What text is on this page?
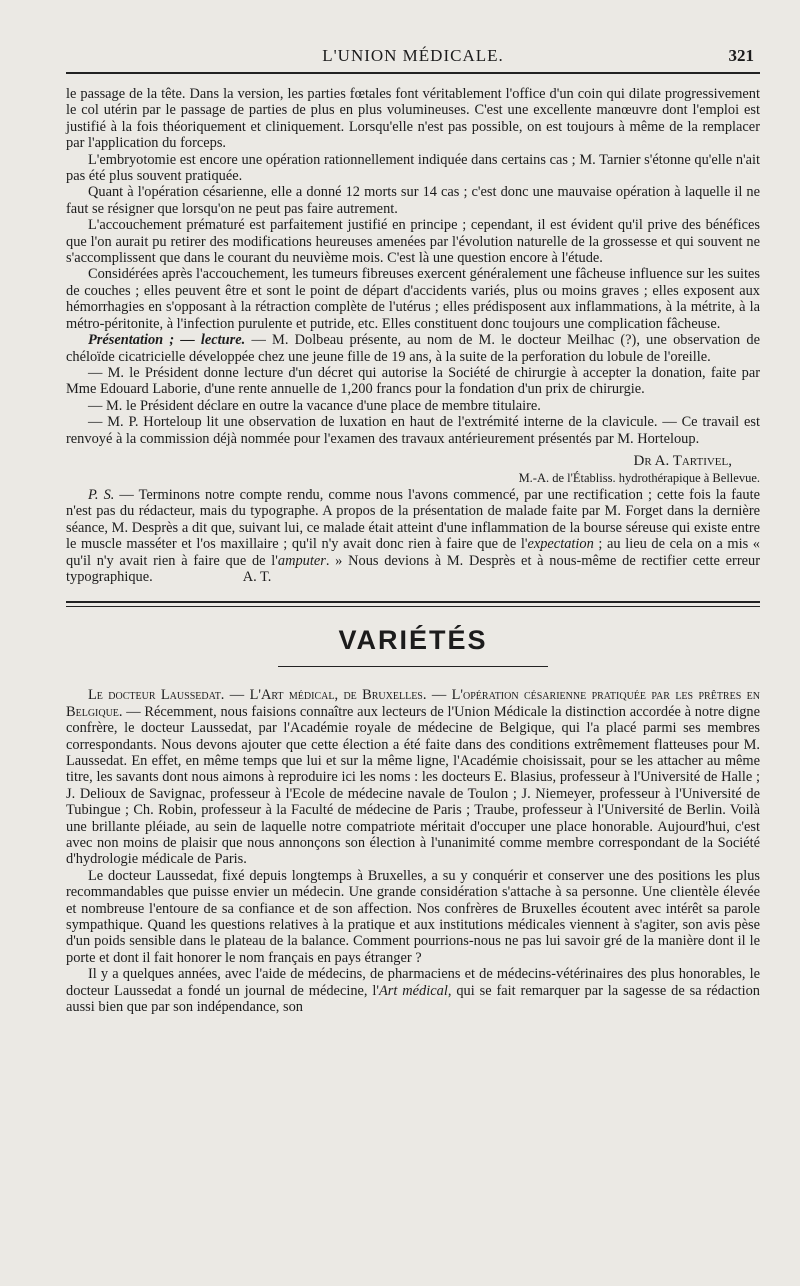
L'UNION MÉDICALE.	321

le passage de la tête. Dans la version, les parties fœtales font véritablement l'office d'un coin qui dilate progressivement le col utérin par le passage de parties de plus en plus volumineuses. C'est une excellente manœuvre dont l'emploi est justifié à la fois théoriquement et cliniquement. Lorsqu'elle n'est pas possible, on est toujours à même de la remplacer par l'application du forceps.

L'embryotomie est encore une opération rationnellement indiquée dans certains cas ; M. Tarnier s'étonne qu'elle n'ait pas été plus souvent pratiquée.

Quant à l'opération césarienne, elle a donné 12 morts sur 14 cas ; c'est donc une mauvaise opération à laquelle il ne faut se résigner que lorsqu'on ne peut pas faire autrement.

L'accouchement prématuré est parfaitement justifié en principe ; cependant, il est évident qu'il prive des bénéfices que l'on aurait pu retirer des modifications heureuses amenées par l'évolution naturelle de la grossesse et qui souvent ne s'accomplissent que dans le courant du neuvième mois. C'est là une question encore à l'étude.

Considérées après l'accouchement, les tumeurs fibreuses exercent généralement une fâcheuse influence sur les suites de couches ; elles peuvent être et sont le point de départ d'accidents variés, plus ou moins graves ; elles exposent aux hémorrhagies en s'opposant à la rétraction complète de l'utérus ; elles prédisposent aux inflammations, à la métrite, à la métro-péritonite, à l'infection purulente et putride, etc. Elles constituent donc toujours une complication fâcheuse.

Présentation ; — lecture. — M. Dolbeau présente, au nom de M. le docteur Meilhac (?), une observation de chéloïde cicatricielle développée chez une jeune fille de 19 ans, à la suite de la perforation du lobule de l'oreille.

— M. le Président donne lecture d'un décret qui autorise la Société de chirurgie à accepter la donation, faite par Mme Edouard Laborie, d'une rente annuelle de 1,200 francs pour la fondation d'un prix de chirurgie.

— M. le Président déclare en outre la vacance d'une place de membre titulaire.

— M. P. Horteloup lit une observation de luxation en haut de l'extrémité interne de la clavicule. — Ce travail est renvoyé à la commission déjà nommée pour l'examen des travaux antérieurement présentés par M. Horteloup.

Dr A. Tartivel,
M.-A. de l'Établiss. hydrothérapique à Bellevue.

P. S. — Terminons notre compte rendu, comme nous l'avons commencé, par une rectification ; cette fois la faute n'est pas du rédacteur, mais du typographe. A propos de la présentation de malade faite par M. Forget dans la dernière séance, M. Desprès a dit que, suivant lui, ce malade était atteint d'une inflammation de la bourse séreuse qui existe entre le muscle masséter et l'os maxillaire ; qu'il n'y avait donc rien à faire que de l'expectation ; au lieu de cela on a mis « qu'il n'y avait rien à faire que de l'amputer. » Nous devions à M. Desprès et à nous-même de rectifier cette erreur typographique.	A. T.

VARIÉTÉS

Le docteur Laussedat. — L'Art médical, de Bruxelles. — L'opération césarienne pratiquée par les prêtres en Belgique. — Récemment, nous faisions connaître aux lecteurs de l'Union Médicale la distinction accordée à notre digne confrère, le docteur Laussedat, par l'Académie royale de médecine de Belgique, qui l'a placé parmi ses membres correspondants. Nous devons ajouter que cette élection a été faite dans des conditions extrêmement flatteuses pour M. Laussedat. En effet, en même temps que lui et sur la même ligne, l'Académie choisissait, pour se les attacher au même titre, les savants dont nous aimons à reproduire ici les noms : les docteurs E. Blasius, professeur à l'Université de Halle ; J. Delioux de Savignac, professeur à l'Ecole de médecine navale de Toulon ; J. Niemeyer, professeur à l'Université de Tubingue ; Ch. Robin, professeur à la Faculté de médecine de Paris ; Traube, professeur à l'Université de Berlin. Voilà une brillante pléiade, au sein de laquelle notre compatriote méritait d'occuper une place honorable. Aujourd'hui, c'est avec non moins de plaisir que nous annonçons son élection à l'unanimité comme membre correspondant de la Société d'hydrologie médicale de Paris.

Le docteur Laussedat, fixé depuis longtemps à Bruxelles, a su y conquérir et conserver une des positions les plus recommandables que puisse envier un médecin. Une grande considération s'attache à sa personne. Une clientèle élevée et nombreuse l'entoure de sa confiance et de son affection. Nos confrères de Bruxelles écoutent avec intérêt sa parole sympathique. Quand les questions relatives à la pratique et aux institutions médicales viennent à s'agiter, son avis pèse d'un poids sensible dans le plateau de la balance. Comment pourrions-nous ne pas lui savoir gré de la manière dont il le porte et dont il fait honorer le nom français en pays étranger ?

Il y a quelques années, avec l'aide de médecins, de pharmaciens et de médecins-vétérinaires des plus honorables, le docteur Laussedat a fondé un journal de médecine, l'Art médical, qui se fait remarquer par la sagesse de sa rédaction aussi bien que par son indépendance, son
